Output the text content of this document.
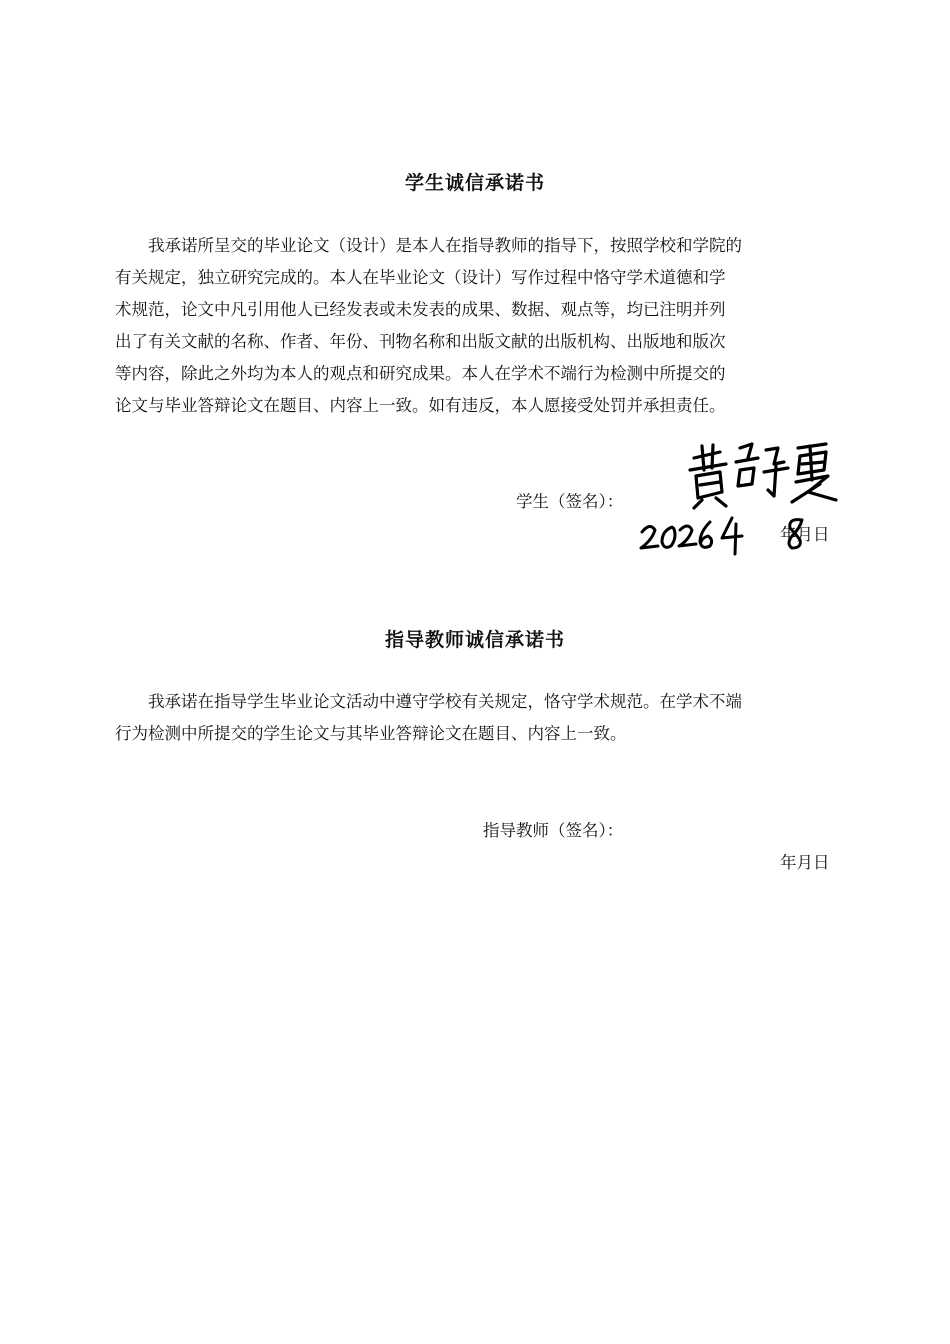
学生诚信承诺书
我承诺所呈交的毕业论文（设计）是本人在指导教师的指导下，按照学校和学院的
有关规定，独立研究完成的。本人在毕业论文（设计）写作过程中恪守学术道德和学
术规范，论文中凡引用他人已经发表或未发表的成果、数据、观点等，均已注明并列
出了有关文献的名称、作者、年份、刊物名称和出版文献的出版机构、出版地和版次
等内容，除此之外均为本人的观点和研究成果。本人在学术不端行为检测中所提交的
论文与毕业答辩论文在题目、内容上一致。如有违反，本人愿接受处罚并承担责任。
学生（签名）：
年月日
指导教师诚信承诺书
我承诺在指导学生毕业论文活动中遵守学校有关规定，恪守学术规范。在学术不端
行为检测中所提交的学生论文与其毕业答辩论文在题目、内容上一致。
指导教师（签名）：
年月日
